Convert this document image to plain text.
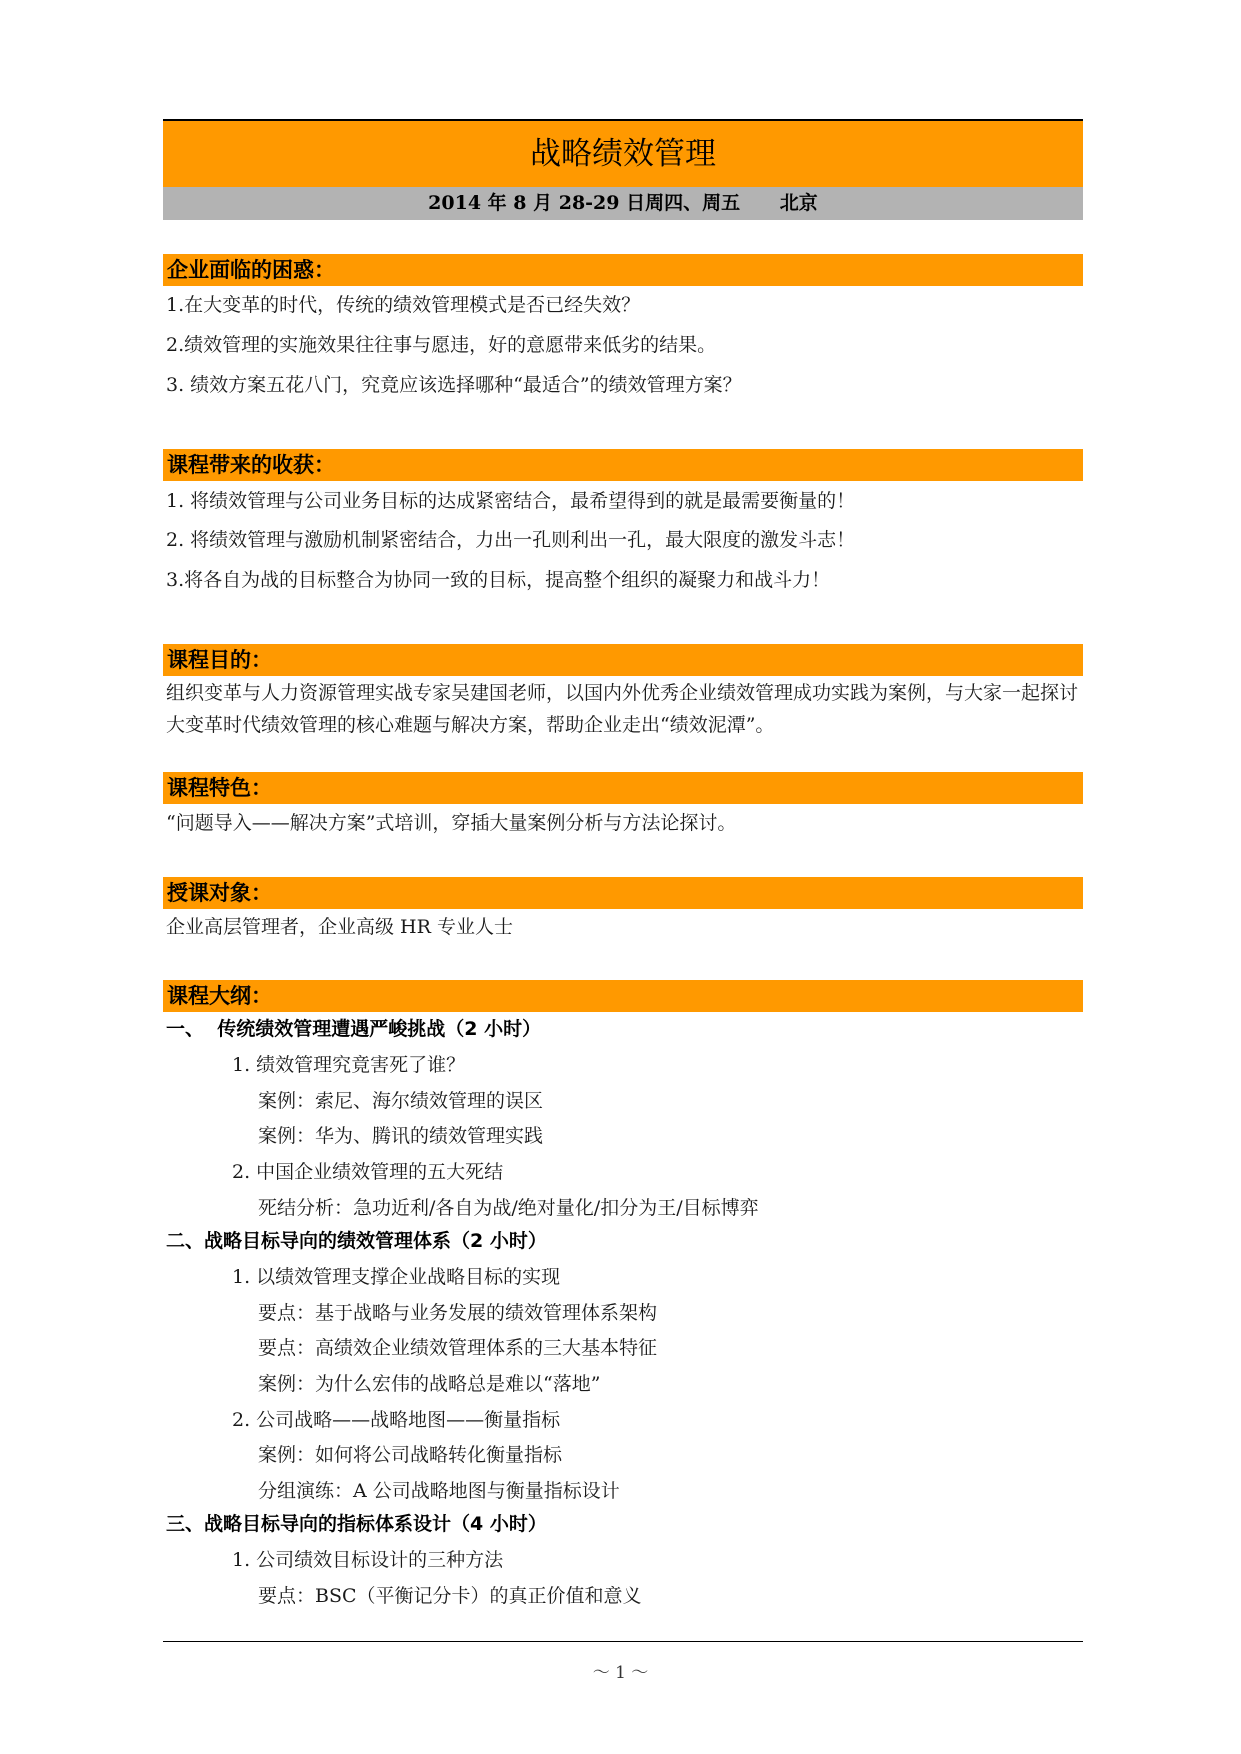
战略绩效管理
2014 年 8 月 28-29 日周四、周五      北京
企业面临的困惑：
1.在大变革的时代，传统的绩效管理模式是否已经失效？
2.绩效管理的实施效果往往事与愿违，好的意愿带来低劣的结果。
3. 绩效方案五花八门，究竟应该选择哪种“最适合”的绩效管理方案？
课程带来的收获：
1. 将绩效管理与公司业务目标的达成紧密结合，最希望得到的就是最需要衡量的！
2. 将绩效管理与激励机制紧密结合，力出一孔则利出一孔，最大限度的激发斗志！
3.将各自为战的目标整合为协同一致的目标，提高整个组织的凝聚力和战斗力！
课程目的：
组织变革与人力资源管理实战专家吴建国老师，以国内外优秀企业绩效管理成功实践为案例，与大家一起探讨大变革时代绩效管理的核心难题与解决方案，帮助企业走出“绩效泥潭”。
课程特色：
“问题导入——解决方案”式培训，穿插大量案例分析与方法论探讨。
授课对象：
企业高层管理者，企业高级 HR 专业人士
课程大纲：
一、  传统绩效管理遭遇严峻挑战（2 小时）
1. 绩效管理究竟害死了谁？
案例：索尼、海尔绩效管理的误区
案例：华为、腾讯的绩效管理实践
2. 中国企业绩效管理的五大死结
死结分析：急功近利/各自为战/绝对量化/扣分为王/目标博弈
二、战略目标导向的绩效管理体系（2 小时）
1. 以绩效管理支撑企业战略目标的实现
要点：基于战略与业务发展的绩效管理体系架构
要点：高绩效企业绩效管理体系的三大基本特征
案例：为什么宏伟的战略总是难以“落地”
2. 公司战略——战略地图——衡量指标
案例：如何将公司战略转化衡量指标
分组演练：A 公司战略地图与衡量指标设计
三、战略目标导向的指标体系设计（4 小时）
1. 公司绩效目标设计的三种方法
要点：BSC（平衡记分卡）的真正价值和意义
～ 1 ～
